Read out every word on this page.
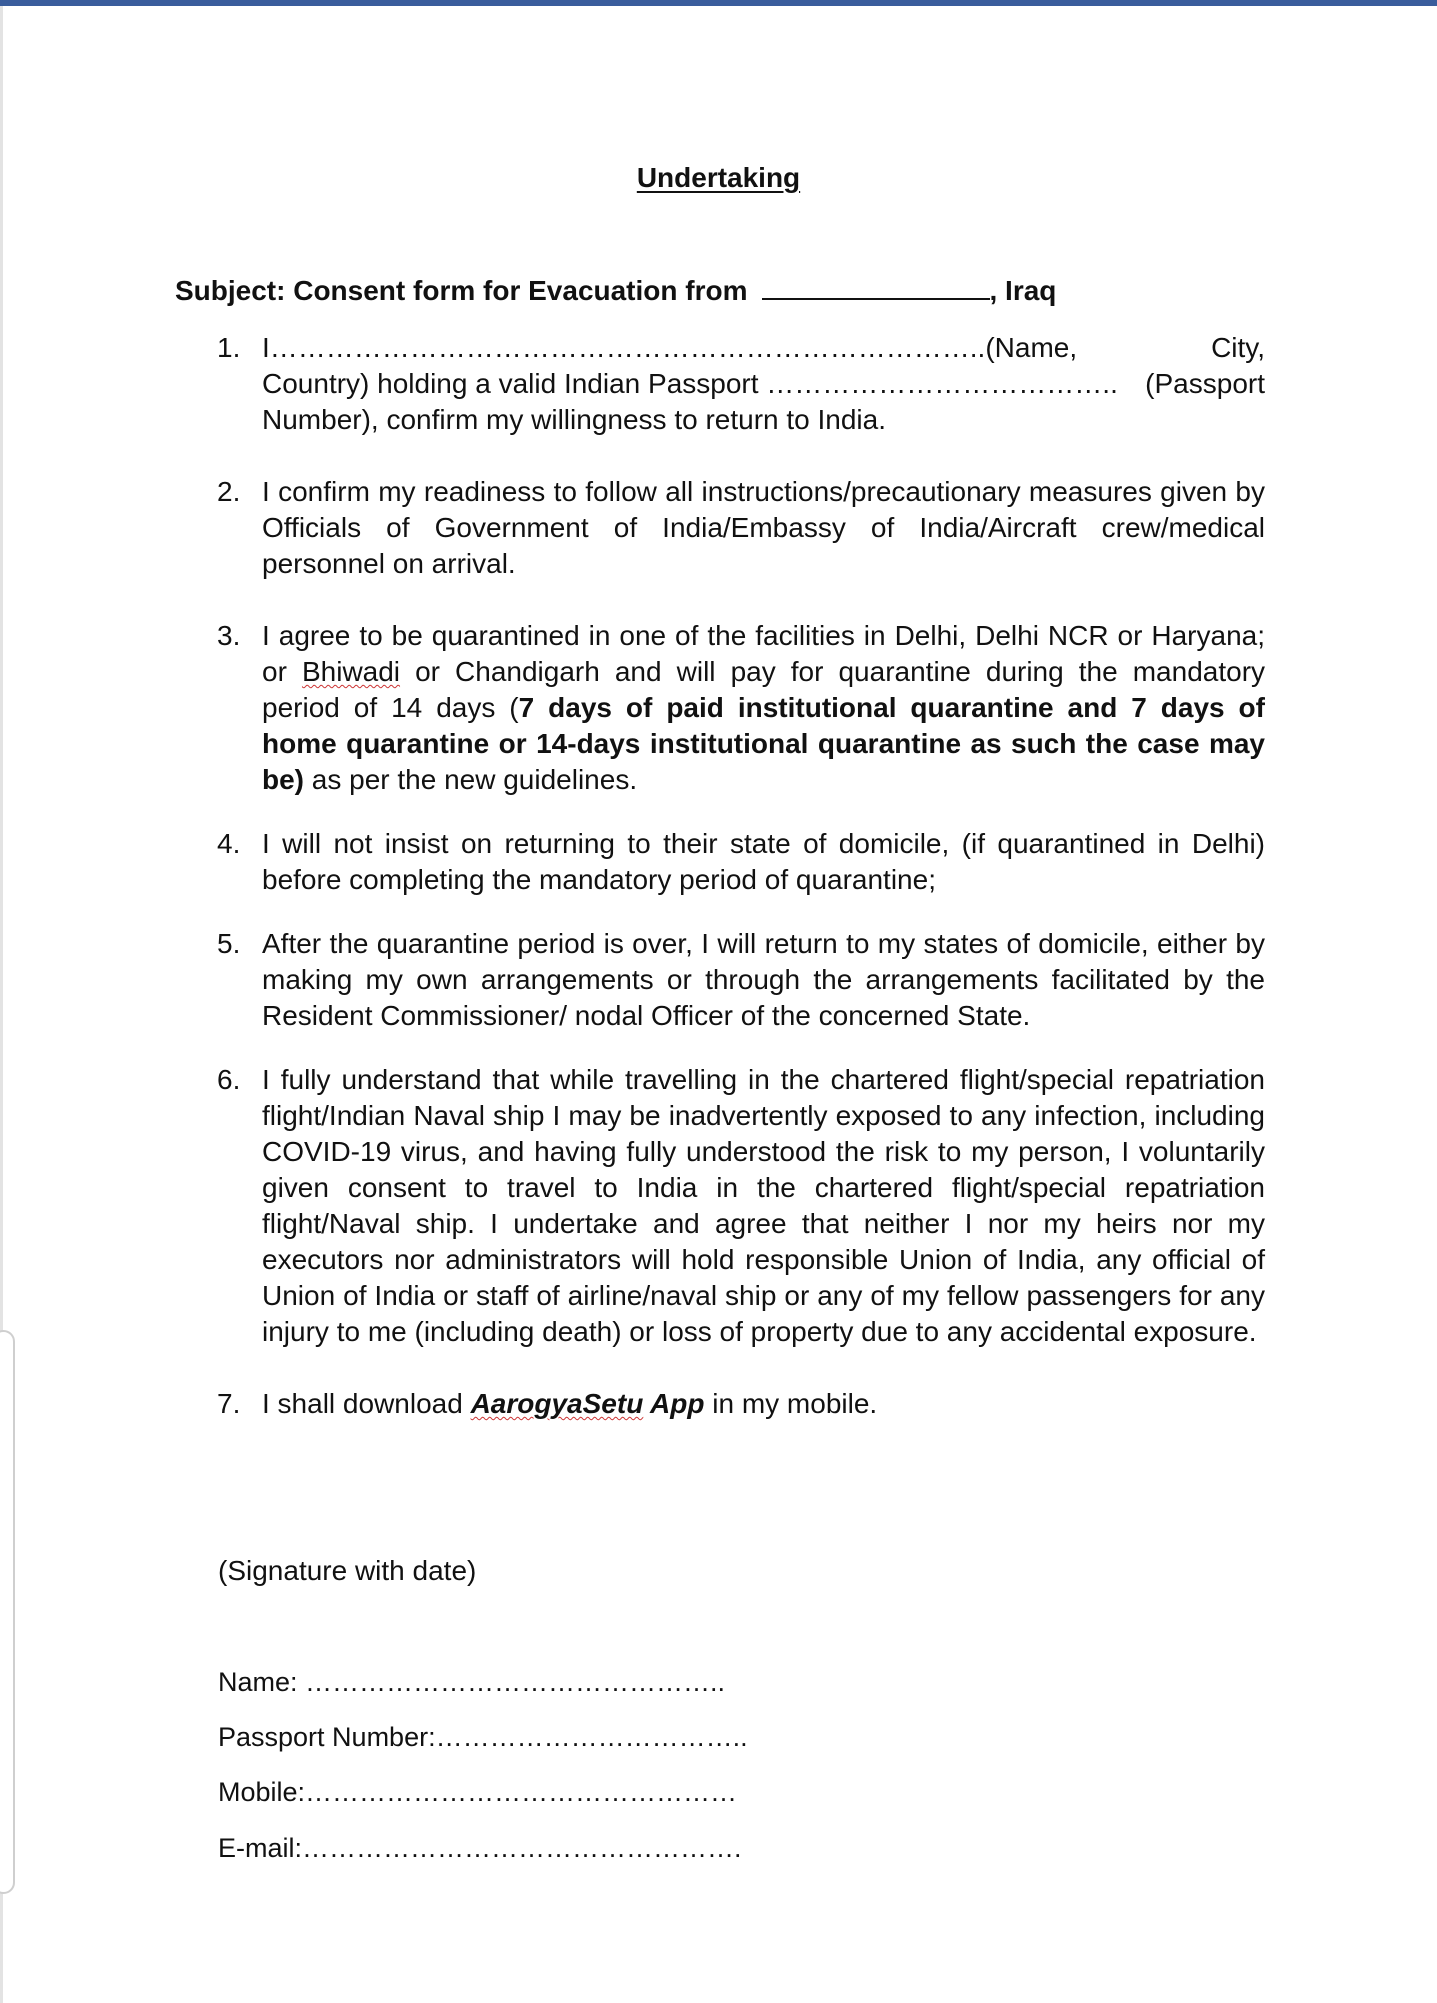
Undertaking
Subject: Consent form for Evacuation from	, Iraq
1. I…………………………………………………………………..(Name,	City,
Country) holding a valid Indian Passport ……………………………….. (Passport
Number), confirm my willingness to return to India.
2. I confirm my readiness to follow all instructions/precautionary measures given by Officials of Government of India/Embassy of India/Aircraft crew/medical personnel on arrival.
3. I agree to be quarantined in one of the facilities in Delhi, Delhi NCR or Haryana; or Bhiwadi or Chandigarh and will pay for quarantine during the mandatory period of 14 days (7 days of paid institutional quarantine and 7 days of home quarantine or 14-days institutional quarantine as such the case may be) as per the new guidelines.
4. I will not insist on returning to their state of domicile, (if quarantined in Delhi) before completing the mandatory period of quarantine;
5. After the quarantine period is over, I will return to my states of domicile, either by making my own arrangements or through the arrangements facilitated by the Resident Commissioner/ nodal Officer of the concerned State.
6. I fully understand that while travelling in the chartered flight/special repatriation flight/Indian Naval ship I may be inadvertently exposed to any infection, including COVID-19 virus, and having fully understood the risk to my person, I voluntarily given consent to travel to India in the chartered flight/special repatriation flight/Naval ship. I undertake and agree that neither I nor my heirs nor my executors nor administrators will hold responsible Union of India, any official of Union of India or staff of airline/naval ship or any of my fellow passengers for any injury to me (including death) or loss of property due to any accidental exposure.
7. I shall download AarogyaSetu App in my mobile.
(Signature with date)
Name: ………………………………………..
Passport Number:……………………………..
Mobile:…………………………………………
E-mail:………………………………………….
